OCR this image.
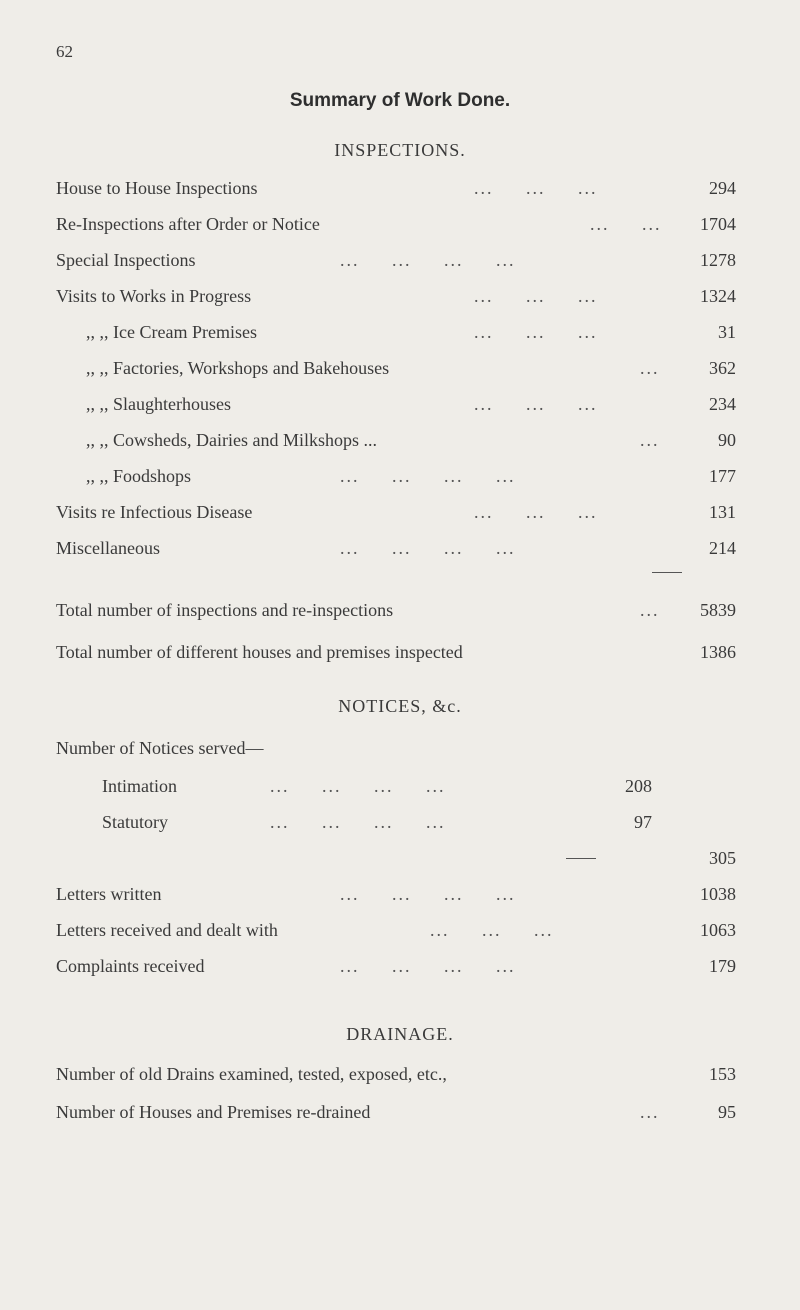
62
Summary of Work Done.
INSPECTIONS.
House to House Inspections	...     ...     ...	294
Re-Inspections after Order or Notice	...     ...	1704
Special Inspections	...     ...     ...     ...	1278
Visits to Works in Progress	...     ...     ...	1324
,, ,, Ice Cream Premises	...     ...     ...	31
,, ,, Factories, Workshops and Bakehouses	...	362
,, ,, Slaughterhouses	...     ...     ...	234
,, ,, Cowsheds, Dairies and Milkshops ...	...	90
,, ,, Foodshops	...     ...     ...     ...	177
Visits re Infectious Disease	...     ...     ...	131
Miscellaneous	...     ...     ...     ...	214
Total number of inspections and re-inspections	...	5839
Total number of different houses and premises inspected	1386
NOTICES, &c.
Number of Notices served—
Intimation	...     ...     ...     ...	208
Statutory	...     ...     ...     ...	97
305
Letters written	...     ...     ...     ...	1038
Letters received and dealt with	...     ...     ...	1063
Complaints received	...     ...     ...     ...	179
DRAINAGE.
Number of old Drains examined, tested, exposed, etc.,	153
Number of Houses and Premises re-drained	...	95
